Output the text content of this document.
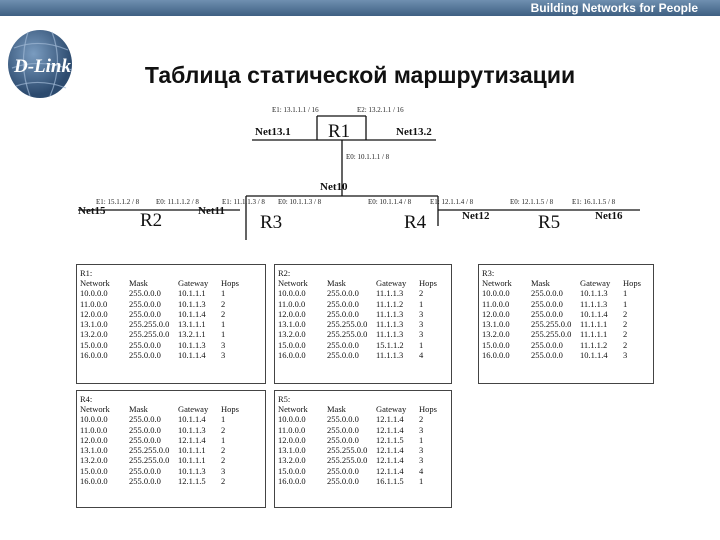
Building Networks for People
D-Link	Таблица статической маршрутизации
E1: 13.1.1.1 / 16	E2: 13.2.1.1 / 16
E0: 10.1.1.1 / 8
E1: 15.1.1.2 / 8 E0: 11.1.1.2 / 8	E1: 11.1.1.3 / 8 E0: 10.1.1.3 / 8	E0: 10.1.1.4 / 8	E1: 12.1.1.4 / 8	E0: 12.1.1.5 / 8	E1: 16.1.1.5 / 8
Net13.1	Net13.2
Net10
Net15	Net11	Net12	Net16
R1
R2	R3	R4	R5
R1:
Network	Mask	Gateway	Hops
10.0.0.0	255.0.0.0	10.1.1.1	1
11.0.0.0	255.0.0.0	10.1.1.3	2
12.0.0.0	255.0.0.0	10.1.1.4	2
13.1.0.0	255.255.0.0	13.1.1.1	1
13.2.0.0	255.255.0.0	13.2.1.1	1
15.0.0.0	255.0.0.0	10.1.1.3	3
16.0.0.0	255.0.0.0	10.1.1.4	3
R2:
Network	Mask	Gateway	Hops
10.0.0.0	255.0.0.0	11.1.1.3	2
11.0.0.0	255.0.0.0	11.1.1.2	1
12.0.0.0	255.0.0.0	11.1.1.3	3
13.1.0.0	255.255.0.0	11.1.1.3	3
13.2.0.0	255.255.0.0	11.1.1.3	3
15.0.0.0	255.0.0.0	15.1.1.2	1
16.0.0.0	255.0.0.0	11.1.1.3	4
R3:
Network	Mask	Gateway	Hops
10.0.0.0	255.0.0.0	10.1.1.3	1
11.0.0.0	255.0.0.0	11.1.1.3	1
12.0.0.0	255.0.0.0	10.1.1.4	2
13.1.0.0	255.255.0.0	11.1.1.1	2
13.2.0.0	255.255.0.0	11.1.1.1	2
15.0.0.0	255.0.0.0	11.1.1.2	2
16.0.0.0	255.0.0.0	10.1.1.4	3
R4:
Network	Mask	Gateway	Hops
10.0.0.0	255.0.0.0	10.1.1.4	1
11.0.0.0	255.0.0.0	10.1.1.3	2
12.0.0.0	255.0.0.0	12.1.1.4	1
13.1.0.0	255.255.0.0	10.1.1.1	2
13.2.0.0	255.255.0.0	10.1.1.1	2
15.0.0.0	255.0.0.0	10.1.1.3	3
16.0.0.0	255.0.0.0	12.1.1.5	2
R5:
Network	Mask	Gateway	Hops
10.0.0.0	255.0.0.0	12.1.1.4	2
11.0.0.0	255.0.0.0	12.1.1.4	3
12.0.0.0	255.0.0.0	12.1.1.5	1
13.1.0.0	255.255.0.0	12.1.1.4	3
13.2.0.0	255.255.0.0	12.1.1.4	3
15.0.0.0	255.0.0.0	12.1.1.4	4
16.0.0.0	255.0.0.0	16.1.1.5	1
